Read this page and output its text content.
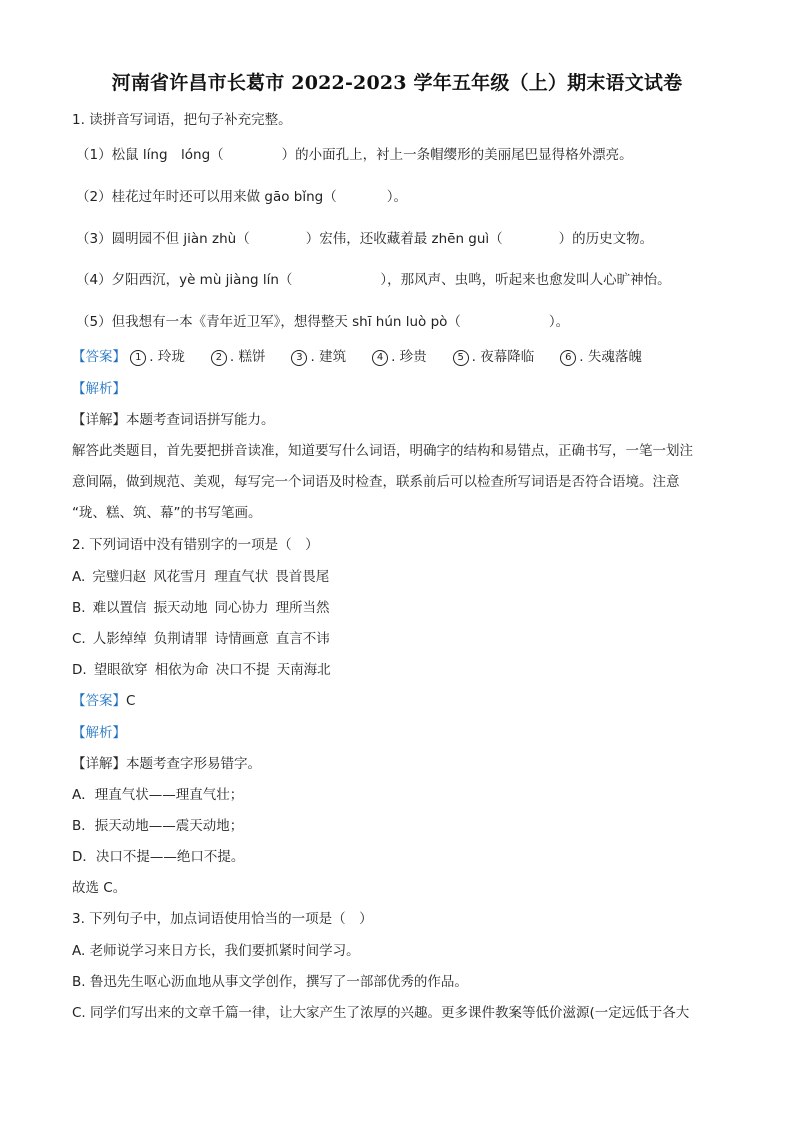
河南省许昌市长葛市 2022-2023 学年五年级（上）期末语文试卷
1. 读拼音写词语，把句子补充完整。
（1）松鼠 líng　lóng（	）的小面孔上，衬上一条帽缨形的美丽尾巴显得格外漂亮。
（2）桂花过年时还可以用来做 gāo bǐng（	）。
（3）圆明园不但 jiàn zhù（	）宏伟，还收藏着最 zhēn guì（	）的历史文物。
（4）夕阳西沉，yè mù jiàng lín（	），那风声、虫鸣，听起来也愈发叫人心旷神怡。
（5）但我想有一本《青年近卫军》，想得整天 shī hún luò pò（	）。
【答案】 1 . 玲珑	2 . 糕饼	3 . 建筑	4 . 珍贵	5 . 夜幕降临	6 . 失魂落魄
【解析】
【详解】本题考查词语拼写能力。
解答此类题目，首先要把拼音读准，知道要写什么词语，明确字的结构和易错点，正确书写，一笔一划注
意间隔，做到规范、美观，每写完一个词语及时检查，联系前后可以检查所写词语是否符合语境。注意
“珑、糕、筑、幕”的书写笔画。
2. 下列词语中没有错别字的一项是（　）
A. 完璧归赵 风花雪月 理直气状 畏首畏尾
B. 难以置信 振天动地 同心协力 理所当然
C. 人影绰绰 负荆请罪 诗情画意 直言不讳
D. 望眼欲穿 相依为命 决口不提 天南海北
【答案】C
【解析】
【详解】本题考查字形易错字。
A．理直气状——理直气壮；
B．振天动地——震天动地；
D．决口不提——绝口不提。
故选 C。
3. 下列句子中，加点词语使用恰当的一项是（　）
A. 老师说学习来日方长，我们要抓紧时间学习。
B. 鲁迅先生呕心沥血地从事文学创作，撰写了一部部优秀的作品。
C. 同学们写出来的文章千篇一律，让大家产生了浓厚的兴趣。更多课件教案等低价滋源(一定远低于各大
